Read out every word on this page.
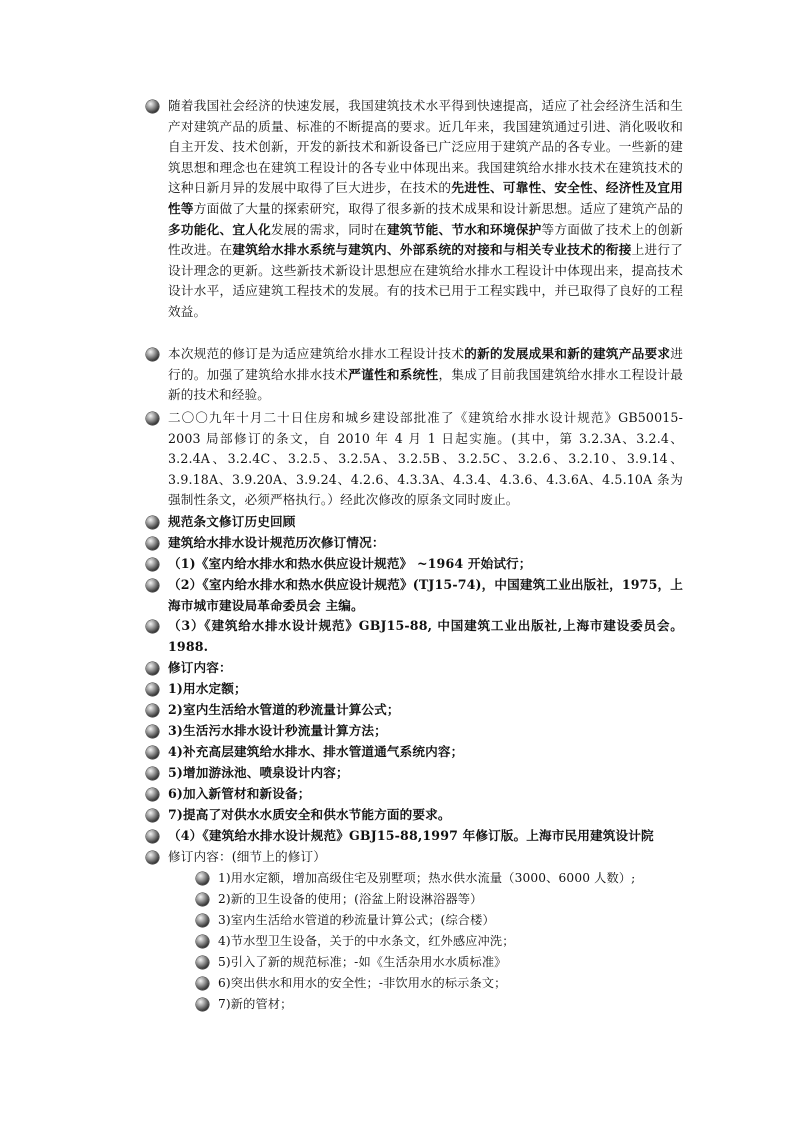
随着我国社会经济的快速发展，我国建筑技术水平得到快速提高，适应了社会经济生活和生产对建筑产品的质量、标准的不断提高的要求。近几年来，我国建筑通过引进、消化吸收和自主开发、技术创新，开发的新技术和新设备已广泛应用于建筑产品的各专业。一些新的建筑思想和理念也在建筑工程设计的各专业中体现出来。我国建筑给水排水技术在建筑技术的这种日新月异的发展中取得了巨大进步，在技术的先进性、可靠性、安全性、经济性及宜用性等方面做了大量的探索研究，取得了很多新的技术成果和设计新思想。适应了建筑产品的多功能化、宜人化发展的需求，同时在建筑节能、节水和环境保护等方面做了技术上的创新性改进。在建筑给水排水系统与建筑内、外部系统的对接和与相关专业技术的衔接上进行了设计理念的更新。这些新技术新设计思想应在建筑给水排水工程设计中体现出来，提高技术设计水平，适应建筑工程技术的发展。有的技术已用于工程实践中，并已取得了良好的工程效益。
本次规范的修订是为适应建筑给水排水工程设计技术的新的发展成果和新的建筑产品要求进行的。加强了建筑给水排水技术严谨性和系统性，集成了目前我国建筑给水排水工程设计最新的技术和经验。
二〇〇九年十月二十日住房和城乡建设部批准了《建筑给水排水设计规范》GB50015-2003 局部修订的条文，自 2010 年 4 月 1 日起实施。(其中，第 3.2.3A、3.2.4、3.2.4A、3.2.4C、3.2.5、3.2.5A、3.2.5B、3.2.5C、3.2.6、3.2.10、3.9.14、3.9.18A、3.9.20A、3.9.24、4.2.6、4.3.3A、4.3.4、4.3.6、4.3.6A、4.5.10A 条为强制性条文，必须严格执行。）经此次修改的原条文同时废止。
规范条文修订历史回顾
建筑给水排水设计规范历次修订情况：
（1)《室内给水排水和热水供应设计规范》 ~1964 开始试行；
（2）《室内给水排水和热水供应设计规范》(TJ15-74)，中国建筑工业出版社，1975，上海市城市建设局革命委员会 主编。
（3）《建筑给水排水设计规范》GBJ15-88, 中国建筑工业出版社,上海市建设委员会。1988.
修订内容：
1)用水定额；
2)室内生活给水管道的秒流量计算公式；
3)生活污水排水设计秒流量计算方法；
4)补充高层建筑给水排水、排水管道通气系统内容；
5)增加游泳池、喷泉设计内容；
6)加入新管材和新设备；
7)提高了对供水水质安全和供水节能方面的要求。
（4）《建筑给水排水设计规范》GBJ15-88,1997 年修订版。上海市民用建筑设计院
修订内容：(细节上的修订）
1)用水定额，增加高级住宅及别墅项；热水供水流量（3000、6000 人数）;
2)新的卫生设备的使用；(浴盆上附设淋浴器等）
3)室内生活给水管道的秒流量计算公式；(综合楼）
4)节水型卫生设备，关于的中水条文，红外感应冲洗；
5)引入了新的规范标准；-如《生活杂用水水质标准》
6)突出供水和用水的安全性；-非饮用水的标示条文；
7)新的管材；
